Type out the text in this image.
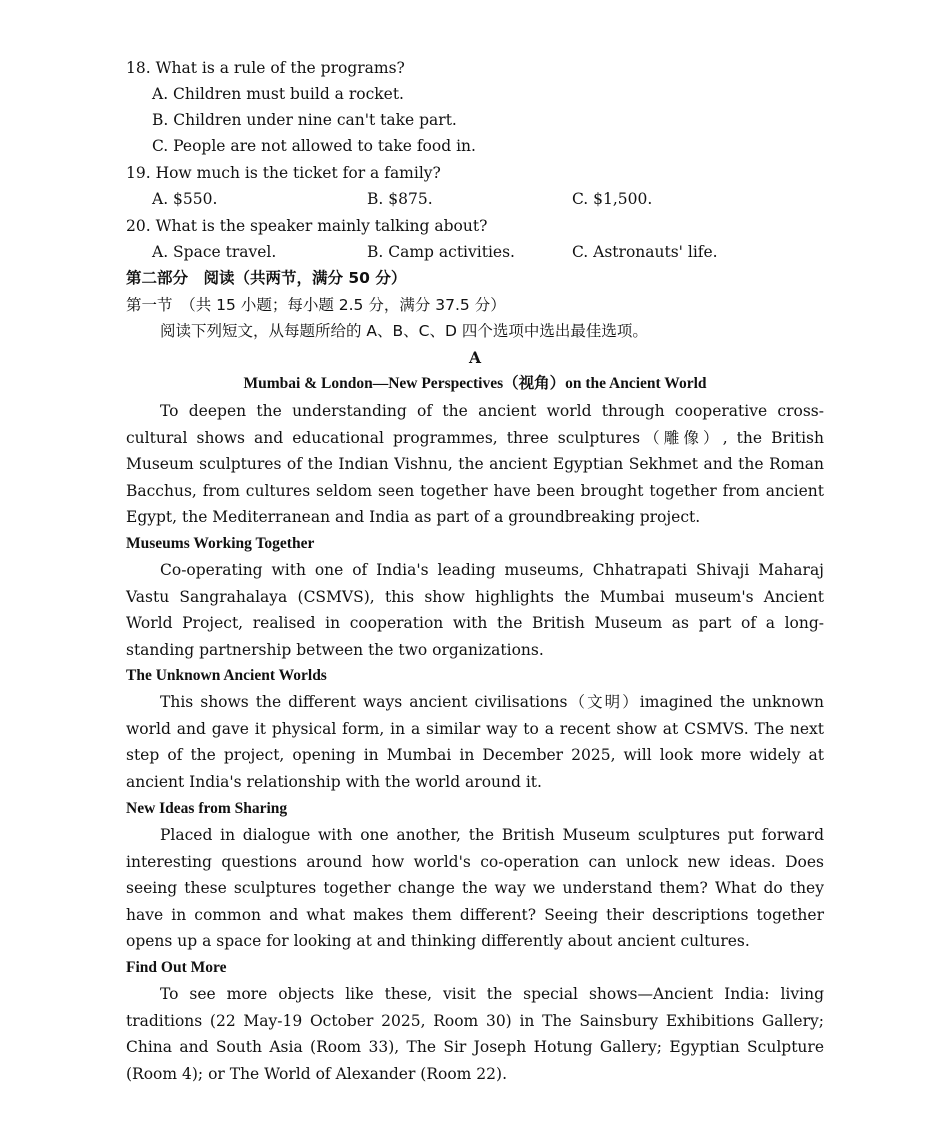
18. What is a rule of the programs?
A. Children must build a rocket.
B. Children under nine can't take part.
C. People are not allowed to take food in.
19. How much is the ticket for a family?
A. $550.	B. $875.	C. $1,500.
20. What is the speaker mainly talking about?
A. Space travel.	B. Camp activities.	C. Astronauts' life.
第二部分　阅读（共两节，满分 50 分）
第一节　（共 15 小题；每小题 2.5 分，满分 37.5 分）
阅读下列短文，从每题所给的 A、B、C、D 四个选项中选出最佳选项。
A
Mumbai & London—New Perspectives（视角）on the Ancient World

To deepen the understanding of the ancient world through cooperative cross-cultural shows and educational programmes, three sculptures（雕像）, the British Museum sculptures of the Indian Vishnu, the ancient Egyptian Sekhmet and the Roman Bacchus, from cultures seldom seen together have been brought together from ancient Egypt, the Mediterranean and India as part of a groundbreaking project.

Museums Working Together

Co-operating with one of India's leading museums, Chhatrapati Shivaji Maharaj Vastu Sangrahalaya (CSMVS), this show highlights the Mumbai museum's Ancient World Project, realised in cooperation with the British Museum as part of a long-standing partnership between the two organizations.

The Unknown Ancient Worlds

This shows the different ways ancient civilisations（文明）imagined the unknown world and gave it physical form, in a similar way to a recent show at CSMVS. The next step of the project, opening in Mumbai in December 2025, will look more widely at ancient India's relationship with the world around it.

New Ideas from Sharing

Placed in dialogue with one another, the British Museum sculptures put forward interesting questions around how world's co-operation can unlock new ideas. Does seeing these sculptures together change the way we understand them? What do they have in common and what makes them different? Seeing their descriptions together opens up a space for looking at and thinking differently about ancient cultures.

Find Out More

To see more objects like these, visit the special shows—Ancient India: living traditions (22 May-19 October 2025, Room 30) in The Sainsbury Exhibitions Gallery; China and South Asia (Room 33), The Sir Joseph Hotung Gallery; Egyptian Sculpture (Room 4); or The World of Alexander (Room 22).
